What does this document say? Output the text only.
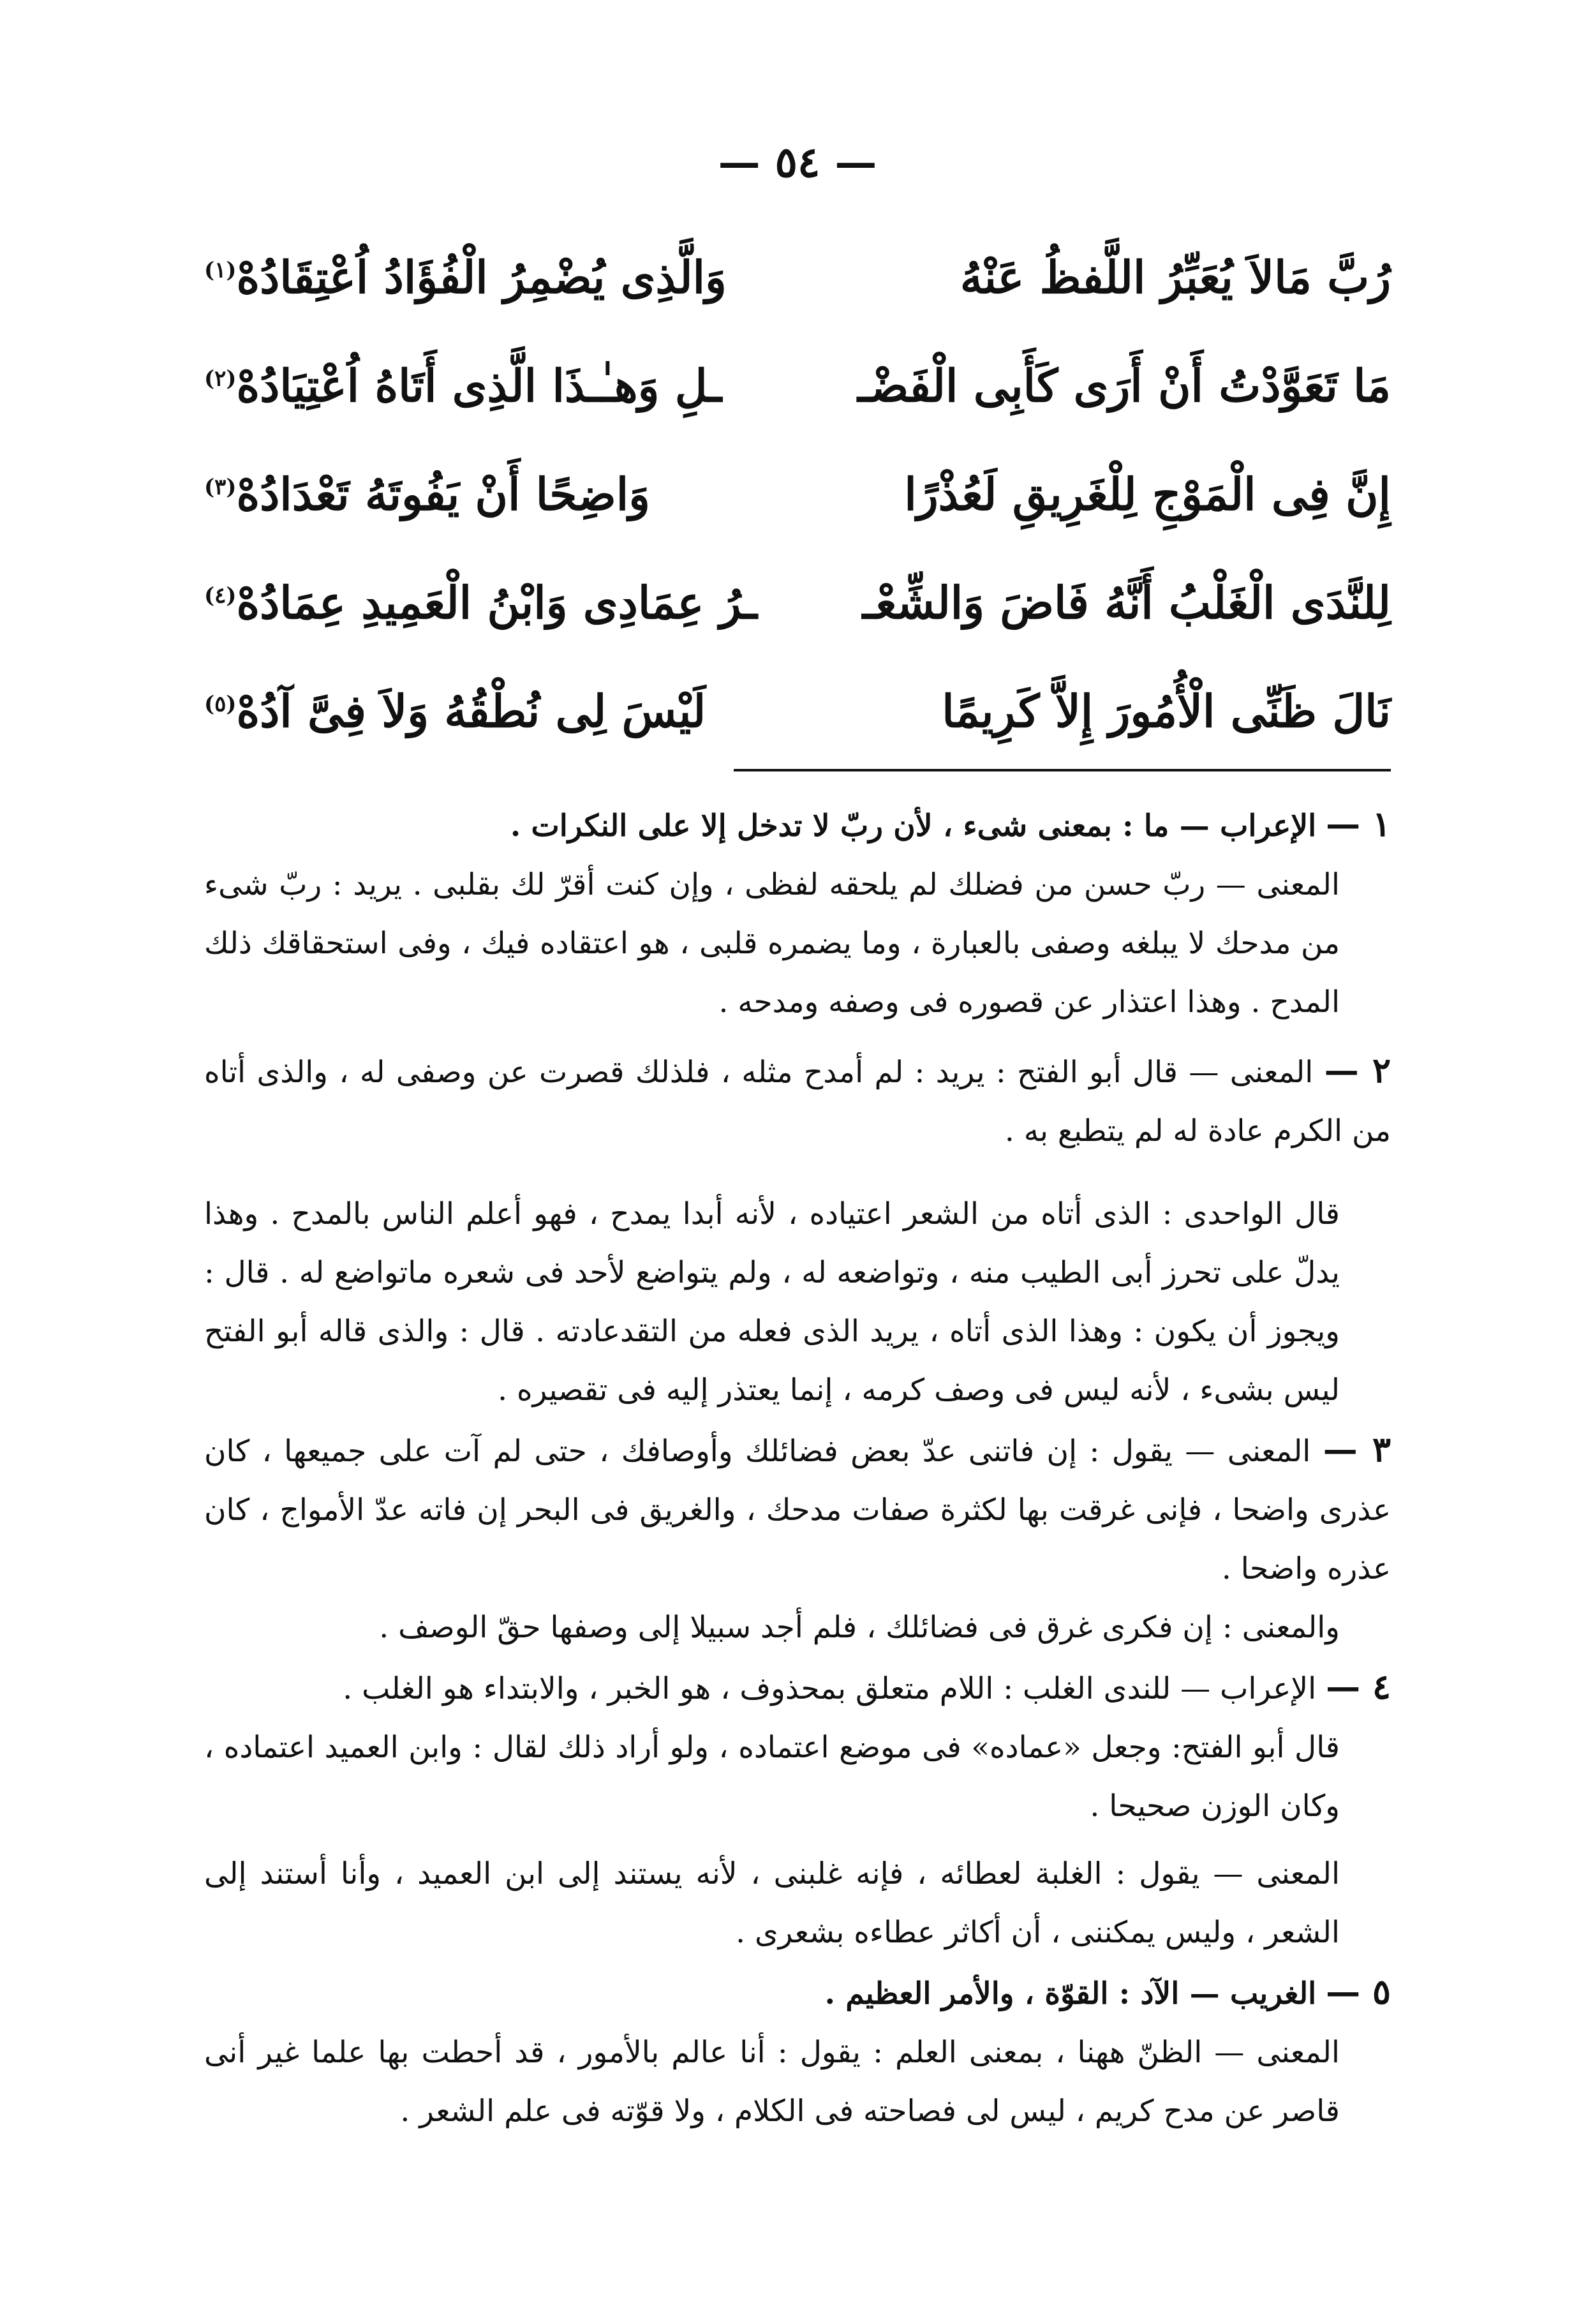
— ٥٤ —
رُبَّ مَالاَ يُعَبِّرُ اللَّفظُ عَنْهُ
وَالَّذِى يُضْمِرُ الْفُؤَادُ اُعْتِقَادُهْ$^{(١)}$
مَا تَعَوَّدْتُ أَنْ أَرَى كَأَبِى الْفَضْـ
ـلِ وَهـٰـذَا الَّذِى أَتَاهُ اُعْتِيَادُهْ$^{(٢)}$
إِنَّ فِى الْمَوْجِ لِلْغَرِيقِ لَعُذْرًا
وَاضِحًا أَنْ يَفُوتَهُ تَعْدَادُهْ$^{(٣)}$
لِلنَّدَى الْغَلْبُ أَنَّهُ فَاضَ وَالشِّعْـ
ـرُ عِمَادِى وَابْنُ الْعَمِيدِ عِمَادُهْ$^{(٤)}$
نَالَ ظَنِّى الْأُمُورَ إِلاَّ كَرِيمًا
لَيْسَ لِى نُطْقُهُ وَلاَ فِىَّ آدُهْ$^{(٥)}$

١ — الإعراب — ما : بمعنى شىء ، لأن ربّ لا تدخل إلا على النكرات .

المعنى — ربّ حسن من فضلك لم يلحقه لفظى ، وإن كنت أقرّ لك بقلبى . يريد : ربّ شىء من مدحك لا يبلغه وصفى بالعبارة ، وما يضمره قلبى ، هو اعتقاده فيك ، وفى استحقاقك ذلك المدح . وهذا اعتذار عن قصوره فى وصفه ومدحه .

٢ — المعنى — قال أبو الفتح : يريد : لم أمدح مثله ، فلذلك قصرت عن وصفى له ، والذى أتاه من الكرم عادة له لم يتطبع به .

قال الواحدى : الذى أتاه من الشعر اعتياده ، لأنه أبدا يمدح ، فهو أعلم الناس بالمدح . وهذا يدلّ على تحرز أبى الطيب منه ، وتواضعه له ، ولم يتواضع لأحد فى شعره ماتواضع له . قال : ويجوز أن يكون : وهذا الذى أتاه ، يريد الذى فعله من التقدعادته . قال : والذى قاله أبو الفتح ليس بشىء ، لأنه ليس فى وصف كرمه ، إنما يعتذر إليه فى تقصيره .

٣ — المعنى — يقول : إن فاتنى عدّ بعض فضائلك وأوصافك ، حتى لم آت على جميعها ، كان عذرى واضحا ، فإنى غرقت بها لكثرة صفات مدحك ، والغريق فى البحر إن فاته عدّ الأمواج ، كان عذره واضحا .

والمعنى : إن فكرى غرق فى فضائلك ، فلم أجد سبيلا إلى وصفها حقّ الوصف .

٤ — الإعراب — للندى الغلب : اللام متعلق بمحذوف ، هو الخبر ، والابتداء هو الغلب .

قال أبو الفتح: وجعل «عماده» فى موضع اعتماده ، ولو أراد ذلك لقال : وابن العميد اعتماده ، وكان الوزن صحيحا .

المعنى — يقول : الغلبة لعطائه ، فإنه غلبنى ، لأنه يستند إلى ابن العميد ، وأنا أستند إلى الشعر ، وليس يمكننى ، أن أكاثر عطاءه بشعرى .

٥ — الغريب — الآد : القوّة ، والأمر العظيم .

المعنى — الظنّ ههنا ، بمعنى العلم : يقول : أنا عالم بالأمور ، قد أحطت بها علما غير أنى قاصر عن مدح كريم ، ليس لى فصاحته فى الكلام ، ولا قوّته فى علم الشعر .
